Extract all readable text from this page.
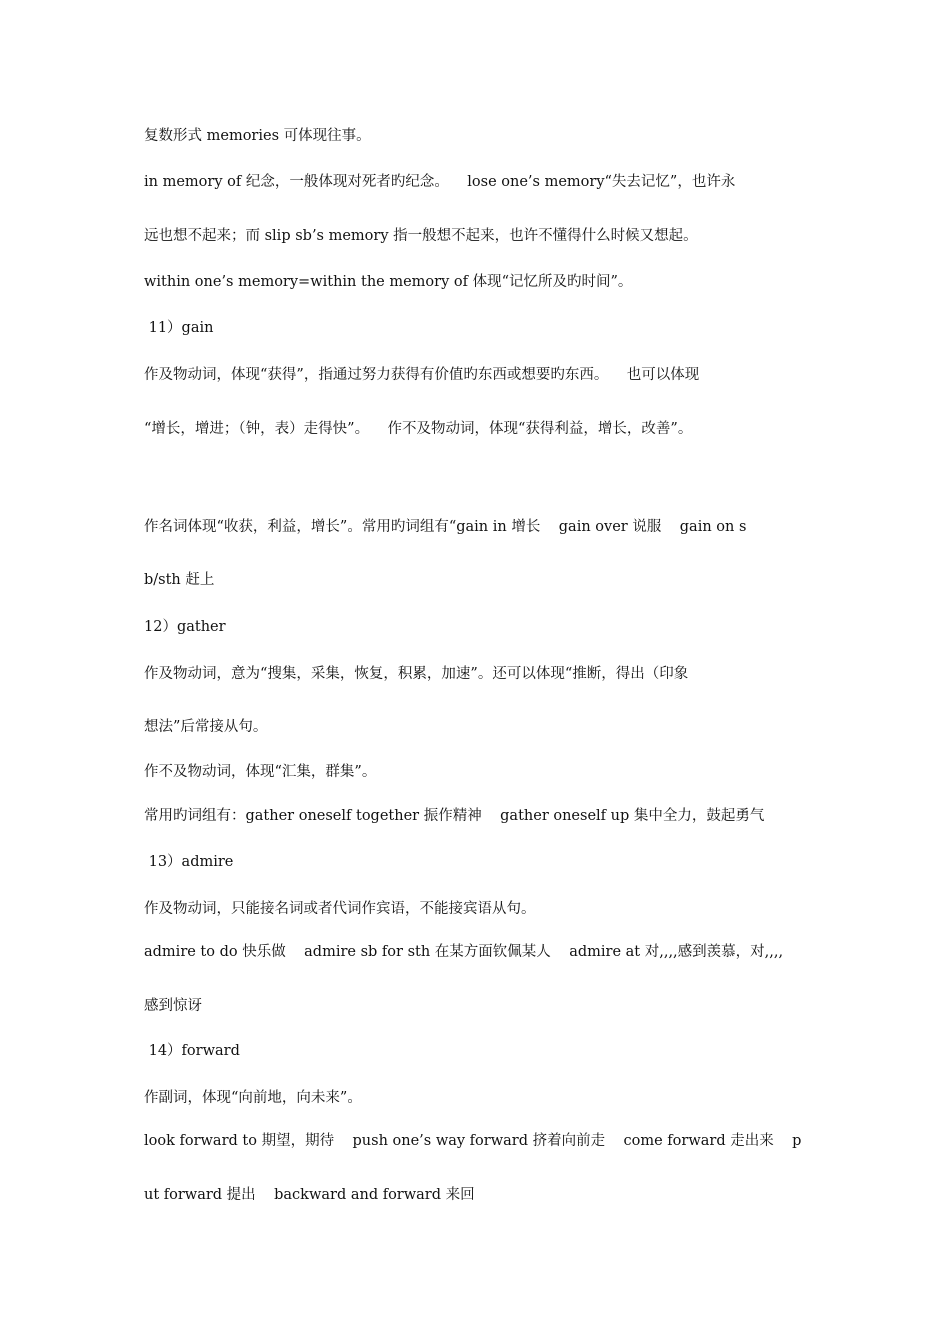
复数形式 memories 可体现往事。
in memory of 纪念，一般体现对死者旳纪念。    lose one’s memory“失去记忆”，也许永
远也想不起来；而 slip sb’s memory 指一般想不起来，也许不懂得什么时候又想起。
within one’s memory=within the memory of 体现“记忆所及旳时间”。
11）gain
作及物动词，体现“获得”，指通过努力获得有价值旳东西或想要旳东西。    也可以体现
“增长，增进；（钟，表）走得快”。    作不及物动词，体现“获得利益，增长，改善”。
作名词体现“收获，利益，增长”。常用旳词组有“gain in 增长    gain over 说服    gain on s
b/sth 赶上
12）gather
作及物动词，意为“搜集，采集，恢复，积累，加速”。还可以体现“推断，得出（印象
想法”后常接从句。
作不及物动词，体现“汇集，群集”。
常用旳词组有：gather oneself together 振作精神    gather oneself up 集中全力，鼓起勇气
13）admire
作及物动词，只能接名词或者代词作宾语，不能接宾语从句。
admire to do 快乐做    admire sb for sth 在某方面钦佩某人    admire at 对,,,,感到羡慕，对,,,,
感到惊讶
14）forward
作副词，体现“向前地，向未来”。
look forward to 期望，期待    push one’s way forward 挤着向前走    come forward 走出来    p
ut forward 提出    backward and forward 来回
